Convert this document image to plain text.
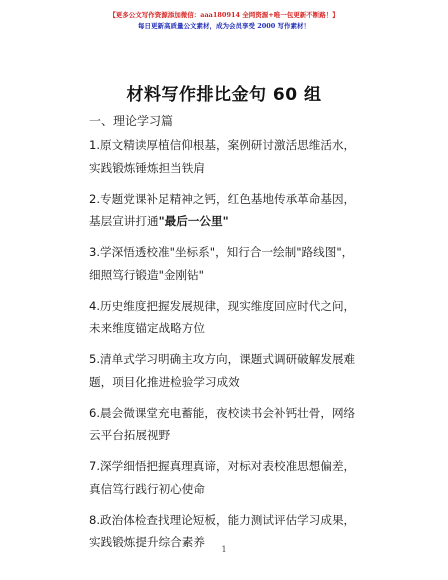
【更多公文写作资源添加微信：aaa180914 全网资源+唯一包更新不断路！】
每日更新高质量公文素材，成为会员享受 2000 写作素材！
材料写作排比金句 60 组
一、理论学习篇

1.原文精读厚植信仰根基，案例研讨激活思维活水，实践锻炼锤炼担当铁肩

2.专题党课补足精神之钙，红色基地传承革命基因，基层宣讲打通"最后一公里"

3.学深悟透校准"坐标系"，知行合一绘制"路线图"，细照笃行锻造"金刚钻"

4.历史维度把握发展规律，现实维度回应时代之问，未来维度锚定战略方位

5.清单式学习明确主攻方向，课题式调研破解发展难题，项目化推进检验学习成效

6.晨会微课堂充电蓄能，夜校读书会补钙壮骨，网络云平台拓展视野

7.深学细悟把握真理真谛，对标对表校准思想偏差，真信笃行践行初心使命

8.政治体检查找理论短板，能力测试评估学习成果，实践锻炼提升综合素养

1
